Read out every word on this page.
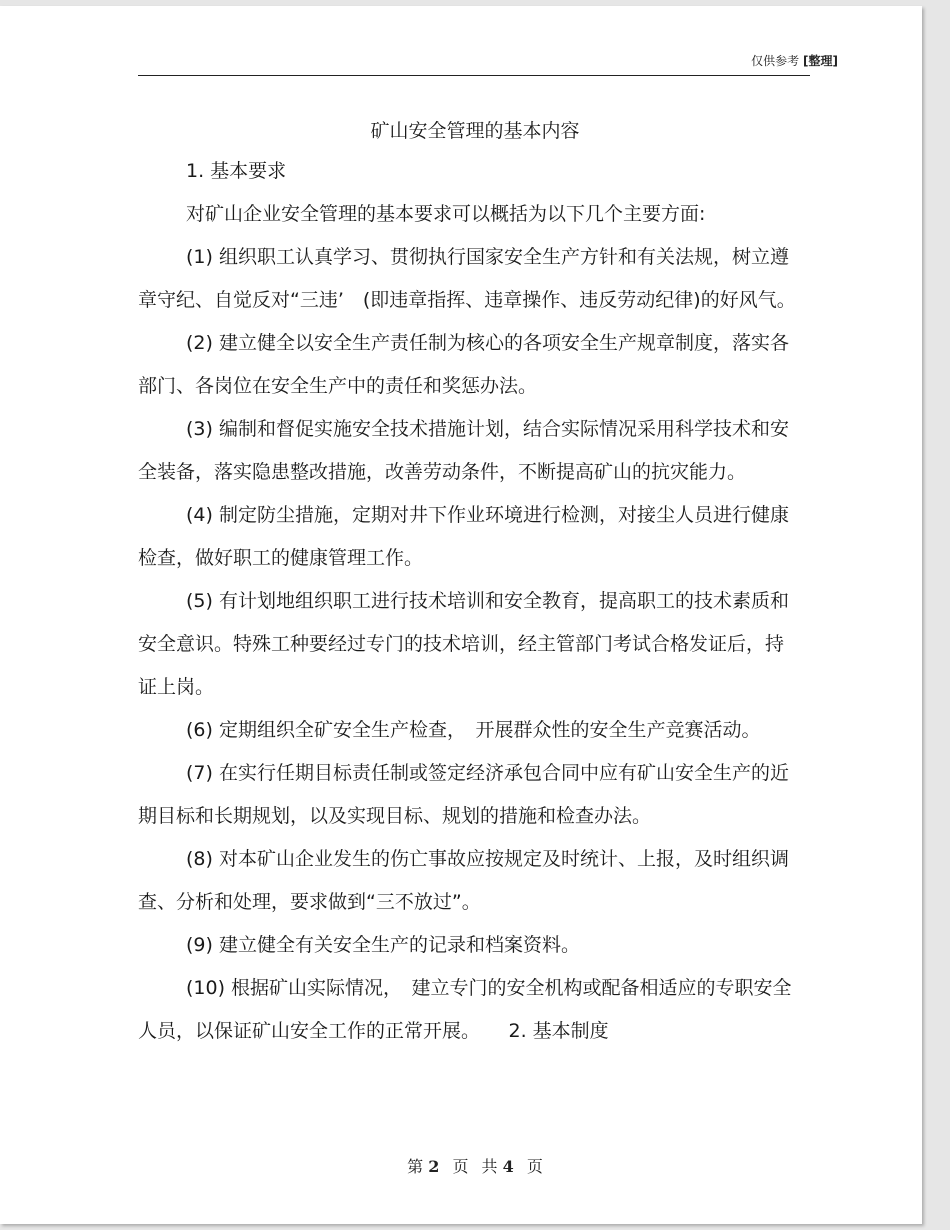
仅供参考 [整理]
矿山安全管理的基本内容

1. 基本要求

对矿山企业安全管理的基本要求可以概括为以下几个主要方面:

(1) 组织职工认真学习、贯彻执行国家安全生产方针和有关法规，树立遵章守纪、自觉反对“三违’　(即违章指挥、违章操作、违反劳动纪律)的好风气。

(2) 建立健全以安全生产责任制为核心的各项安全生产规章制度，落实各部门、各岗位在安全生产中的责任和奖惩办法。

(3) 编制和督促实施安全技术措施计划，结合实际情况采用科学技术和安全装备，落实隐患整改措施，改善劳动条件，不断提高矿山的抗灾能力。

(4) 制定防尘措施，定期对井下作业环境进行检测，对接尘人员进行健康检查，做好职工的健康管理工作。

(5) 有计划地组织职工进行技术培训和安全教育，提高职工的技术素质和安全意识。特殊工种要经过专门的技术培训，经主管部门考试合格发证后，持证上岗。

(6) 定期组织全矿安全生产检查，　开展群众性的安全生产竞赛活动。

(7) 在实行任期目标责任制或签定经济承包合同中应有矿山安全生产的近期目标和长期规划，以及实现目标、规划的措施和检查办法。

(8) 对本矿山企业发生的伤亡事故应按规定及时统计、上报，及时组织调查、分析和处理，要求做到“三不放过”。

(9) 建立健全有关安全生产的记录和档案资料。

(10) 根据矿山实际情况，　建立专门的安全机构或配备相适应的专职安全人员，以保证矿山安全工作的正常开展。　　2. 基本制度

第 2 页 共 4 页
